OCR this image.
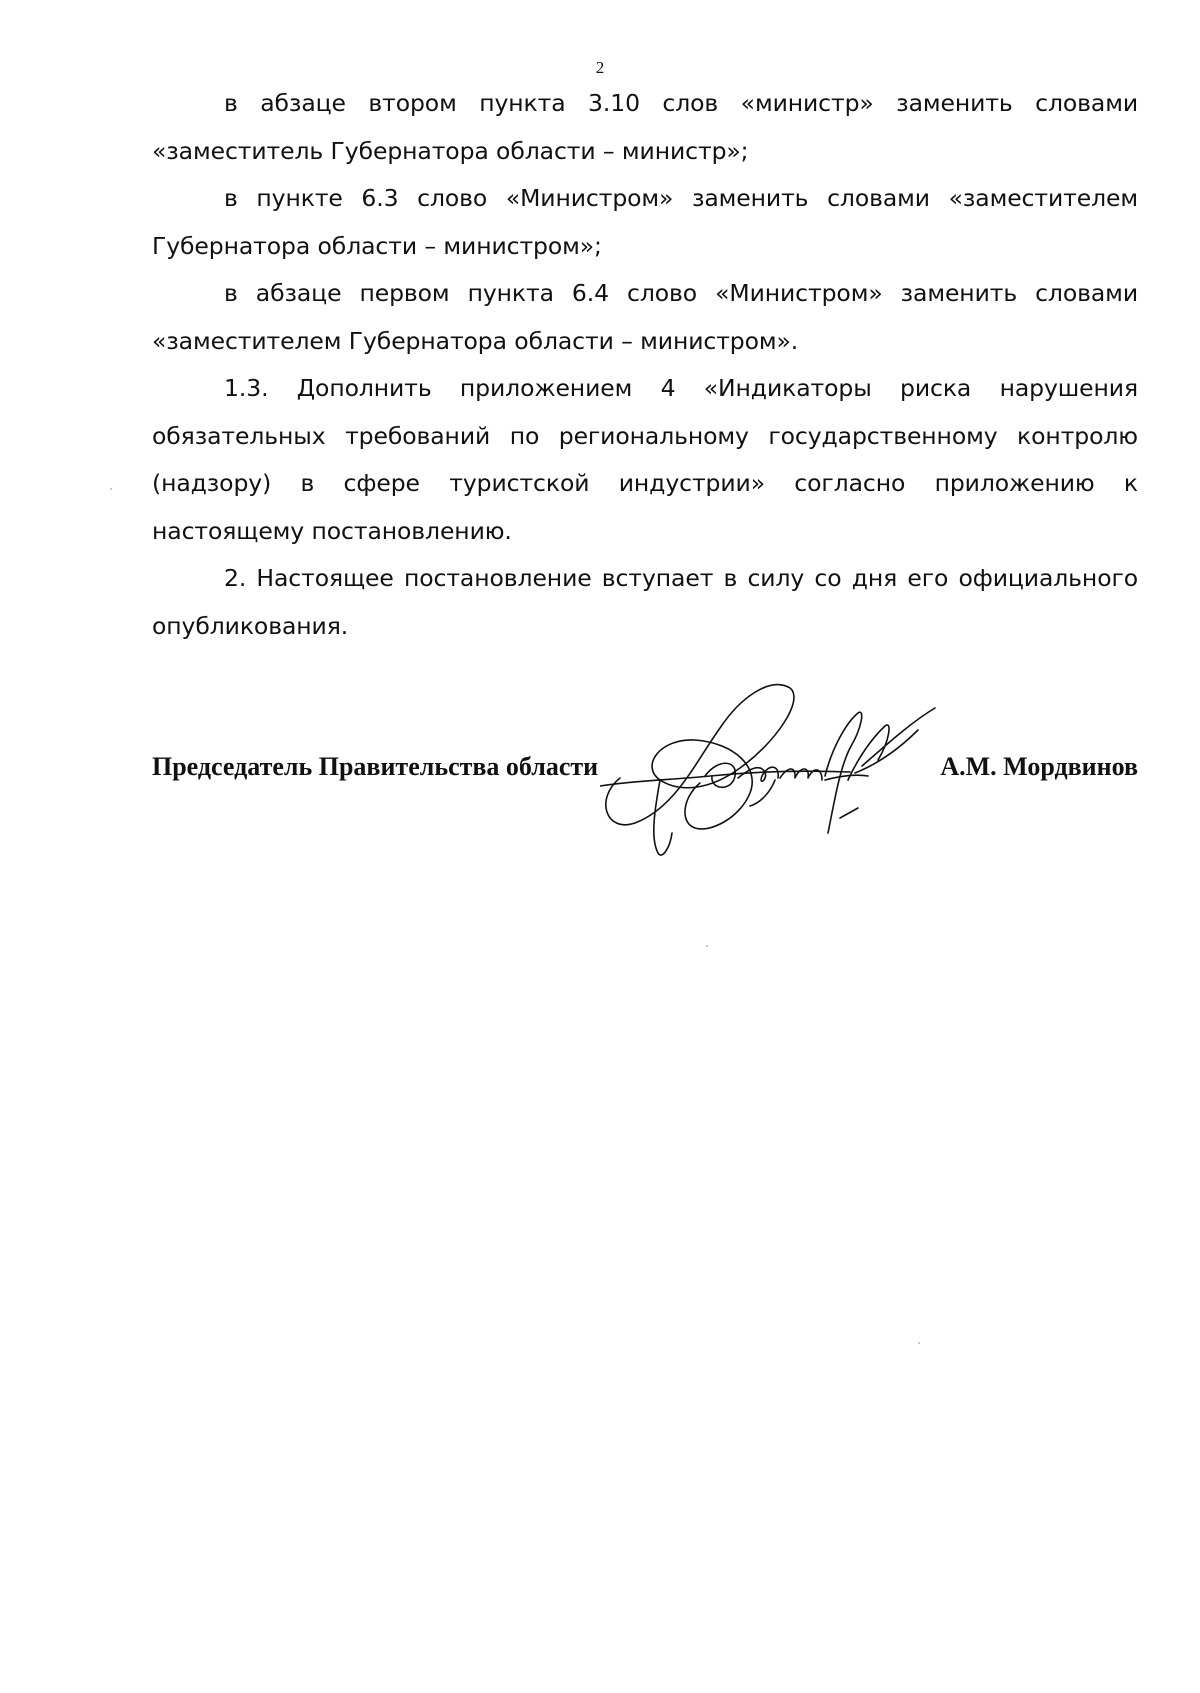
2

в абзаце втором пункта 3.10 слов «министр» заменить словами «заместитель Губернатора области – министр»;

в пункте 6.3 слово «Министром» заменить словами «заместителем Губернатора области – министром»;

в абзаце первом пункта 6.4 слово «Министром» заменить словами «заместителем Губернатора области – министром».

1.3. Дополнить приложением 4 «Индикаторы риска нарушения обязательных требований по региональному государственному контролю (надзору) в сфере туристской индустрии» согласно приложению к настоящему постановлению.

2. Настоящее постановление вступает в силу со дня его официального опубликования.

Председатель Правительства области	А.М. Мордвинов
